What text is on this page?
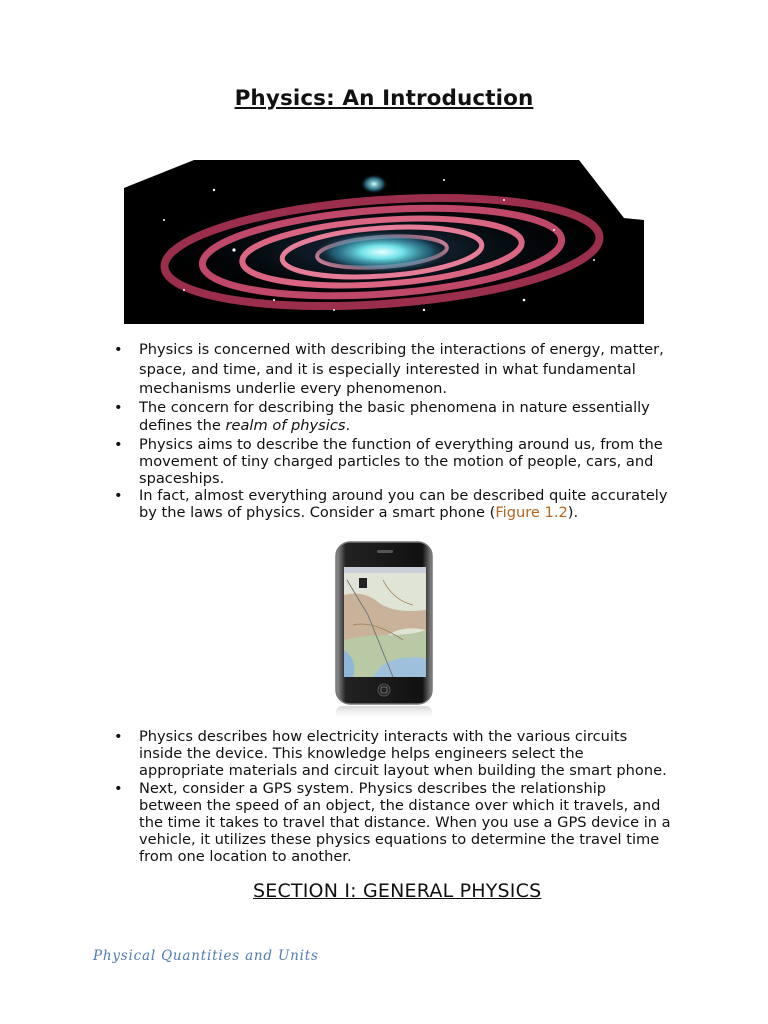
Physics: An Introduction
• Physics is concerned with describing the interactions of energy, matter, space, and time, and it is especially interested in what fundamental mechanisms underlie every phenomenon.
• The concern for describing the basic phenomena in nature essentially defines the realm of physics.
• Physics aims to describe the function of everything around us, from the movement of tiny charged particles to the motion of people, cars, and spaceships.
• In fact, almost everything around you can be described quite accurately by the laws of physics. Consider a smart phone (Figure 1.2).
• Physics describes how electricity interacts with the various circuits inside the device. This knowledge helps engineers select the appropriate materials and circuit layout when building the smart phone.
• Next, consider a GPS system. Physics describes the relationship between the speed of an object, the distance over which it travels, and the time it takes to travel that distance. When you use a GPS device in a vehicle, it utilizes these physics equations to determine the travel time from one location to another.
SECTION I: GENERAL PHYSICS
Physical Quantities and Units
